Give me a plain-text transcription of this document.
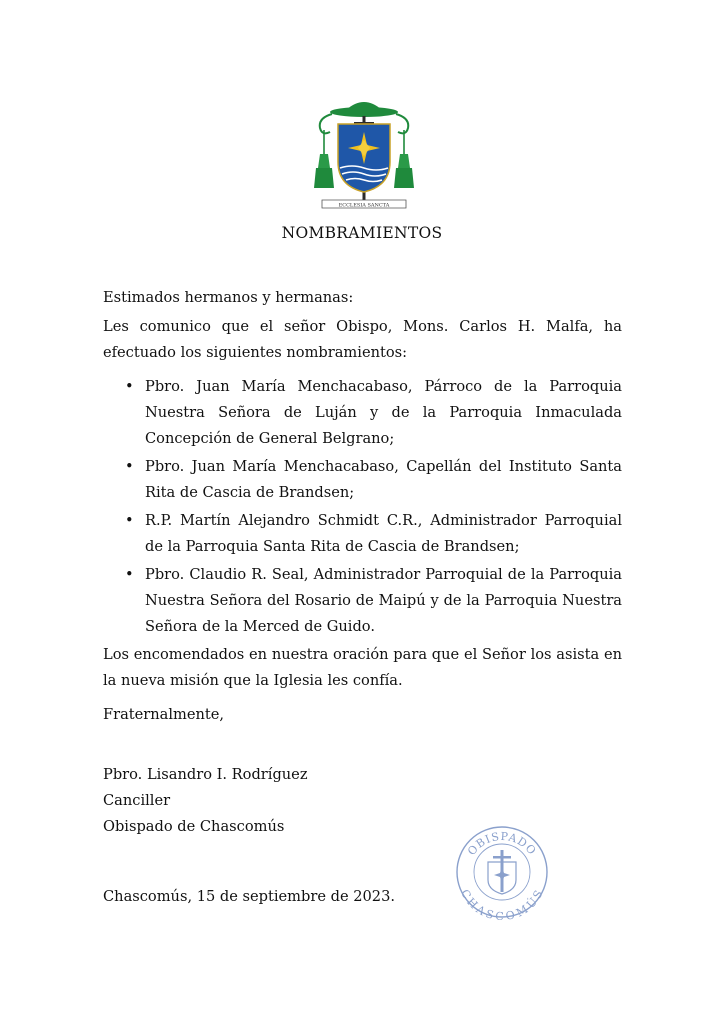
ECCLESIA SANCTA
NOMBRAMIENTOS
Estimados hermanos y hermanas:
Les comunico que el señor Obispo, Mons. Carlos H. Malfa, ha efectuado los siguientes nombramientos:
• Pbro. Juan María Menchacabaso, Párroco de la Parroquia Nuestra Señora de Luján y de la Parroquia Inmaculada Concepción de General Belgrano;
• Pbro. Juan María Menchacabaso, Capellán del Instituto Santa Rita de Cascia de Brandsen;
• R.P. Martín Alejandro Schmidt C.R., Administrador Parroquial de la Parroquia Santa Rita de Cascia de Brandsen;
• Pbro. Claudio R. Seal, Administrador Parroquial de la Parroquia Nuestra Señora del Rosario de Maipú y de la Parroquia Nuestra Señora de la Merced de Guido.
Los encomendados en nuestra oración para que el Señor los asista en la nueva misión que la Iglesia les confía.
Fraternalmente,
Pbro. Lisandro I. Rodríguez
Canciller
Obispado de Chascomús
OBISPADO
CHASCOMÚS
Chascomús, 15 de septiembre de 2023.
